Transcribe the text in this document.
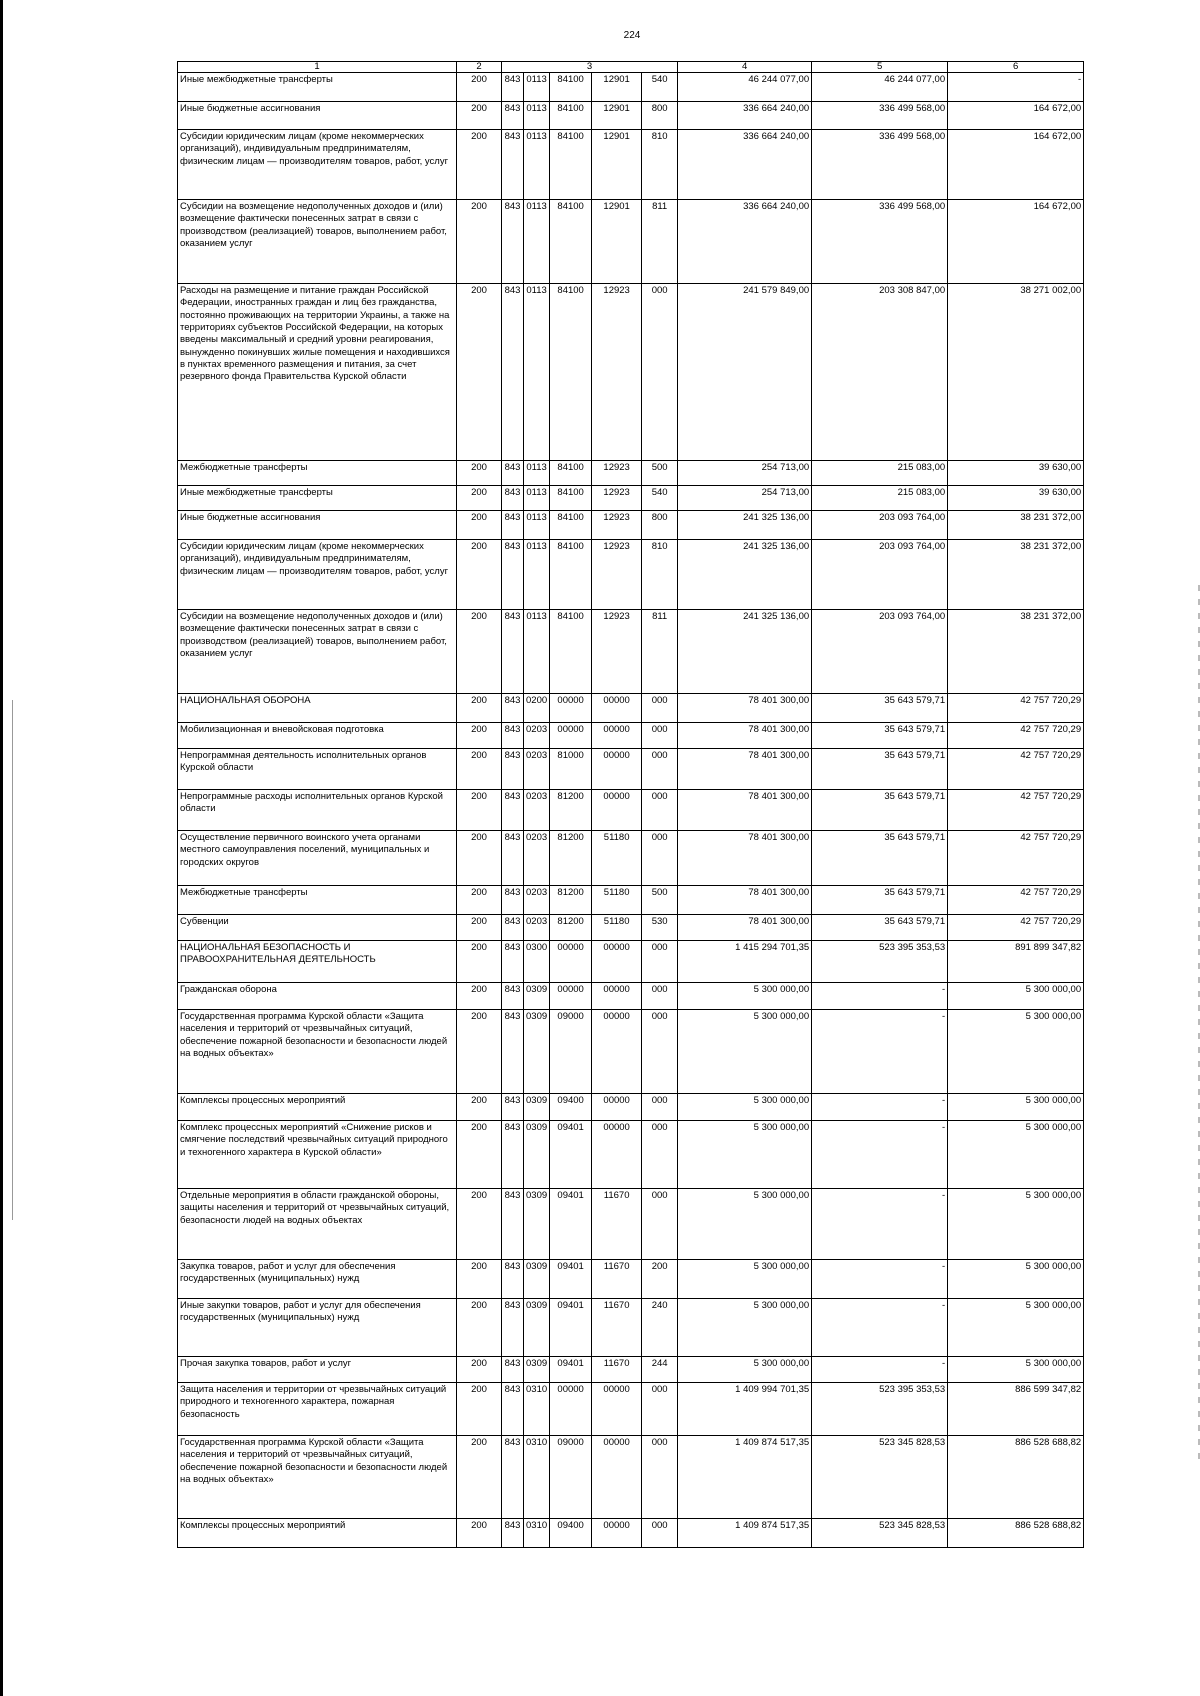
224
1	2	3					4	5	6
Иные межбюджетные трансферты	200	843	0113	84100	12901	540	46 244 077,00	46 244 077,00	-
Иные бюджетные ассигнования	200	843	0113	84100	12901	800	336 664 240,00	336 499 568,00	164 672,00
Субсидии юридическим лицам (кроме некоммерческих организаций), индивидуальным предпринимателям, физическим лицам — производителям товаров, работ, услуг	200	843	0113	84100	12901	810	336 664 240,00	336 499 568,00	164 672,00
Субсидии на возмещение недополученных доходов и (или) возмещение фактически понесенных затрат в связи с производством (реализацией) товаров, выполнением работ, оказанием услуг	200	843	0113	84100	12901	811	336 664 240,00	336 499 568,00	164 672,00
Расходы на размещение и питание граждан Российской Федерации, иностранных граждан и лиц без гражданства, постоянно проживающих на территории Украины, а также на территориях субъектов Российской Федерации, на которых введены максимальный и средний уровни реагирования, вынужденно покинувших жилые помещения и находившихся в пунктах временного размещения и питания, за счет резервного фонда Правительства Курской области	200	843	0113	84100	12923	000	241 579 849,00	203 308 847,00	38 271 002,00
Межбюджетные трансферты	200	843	0113	84100	12923	500	254 713,00	215 083,00	39 630,00
Иные межбюджетные трансферты	200	843	0113	84100	12923	540	254 713,00	215 083,00	39 630,00
Иные бюджетные ассигнования	200	843	0113	84100	12923	800	241 325 136,00	203 093 764,00	38 231 372,00
Субсидии юридическим лицам (кроме некоммерческих организаций), индивидуальным предпринимателям, физическим лицам — производителям товаров, работ, услуг	200	843	0113	84100	12923	810	241 325 136,00	203 093 764,00	38 231 372,00
Субсидии на возмещение недополученных доходов и (или) возмещение фактически понесенных затрат в связи с производством (реализацией) товаров, выполнением работ, оказанием услуг	200	843	0113	84100	12923	811	241 325 136,00	203 093 764,00	38 231 372,00
НАЦИОНАЛЬНАЯ ОБОРОНА	200	843	0200	00000	00000	000	78 401 300,00	35 643 579,71	42 757 720,29
Мобилизационная и вневойсковая подготовка	200	843	0203	00000	00000	000	78 401 300,00	35 643 579,71	42 757 720,29
Непрограммная деятельность исполнительных органов Курской области	200	843	0203	81000	00000	000	78 401 300,00	35 643 579,71	42 757 720,29
Непрограммные расходы исполнительных органов Курской области	200	843	0203	81200	00000	000	78 401 300,00	35 643 579,71	42 757 720,29
Осуществление первичного воинского учета органами местного самоуправления поселений, муниципальных и городских округов	200	843	0203	81200	51180	000	78 401 300,00	35 643 579,71	42 757 720,29
Межбюджетные трансферты	200	843	0203	81200	51180	500	78 401 300,00	35 643 579,71	42 757 720,29
Субвенции	200	843	0203	81200	51180	530	78 401 300,00	35 643 579,71	42 757 720,29
НАЦИОНАЛЬНАЯ БЕЗОПАСНОСТЬ И ПРАВООХРАНИТЕЛЬНАЯ ДЕЯТЕЛЬНОСТЬ	200	843	0300	00000	00000	000	1 415 294 701,35	523 395 353,53	891 899 347,82
Гражданская оборона	200	843	0309	00000	00000	000	5 300 000,00	-	5 300 000,00
Государственная программа Курской области «Защита населения и территорий от чрезвычайных ситуаций, обеспечение пожарной безопасности и безопасности людей на водных объектах»	200	843	0309	09000	00000	000	5 300 000,00	-	5 300 000,00
Комплексы процессных мероприятий	200	843	0309	09400	00000	000	5 300 000,00	-	5 300 000,00
Комплекс процессных мероприятий «Снижение рисков и смягчение последствий чрезвычайных ситуаций природного и техногенного характера в Курской области»	200	843	0309	09401	00000	000	5 300 000,00	-	5 300 000,00
Отдельные мероприятия в области гражданской обороны, защиты населения и территорий от чрезвычайных ситуаций, безопасности людей на водных объектах	200	843	0309	09401	11670	000	5 300 000,00	-	5 300 000,00
Закупка товаров, работ и услуг для обеспечения государственных (муниципальных) нужд	200	843	0309	09401	11670	200	5 300 000,00	-	5 300 000,00
Иные закупки товаров, работ и услуг для обеспечения государственных (муниципальных) нужд	200	843	0309	09401	11670	240	5 300 000,00	-	5 300 000,00
Прочая закупка товаров, работ и услуг	200	843	0309	09401	11670	244	5 300 000,00	-	5 300 000,00
Защита населения и территории от чрезвычайных ситуаций природного и техногенного характера, пожарная безопасность	200	843	0310	00000	00000	000	1 409 994 701,35	523 395 353,53	886 599 347,82
Государственная программа Курской области «Защита населения и территорий от чрезвычайных ситуаций, обеспечение пожарной безопасности и безопасности людей на водных объектах»	200	843	0310	09000	00000	000	1 409 874 517,35	523 345 828,53	886 528 688,82
Комплексы процессных мероприятий	200	843	0310	09400	00000	000	1 409 874 517,35	523 345 828,53	886 528 688,82
